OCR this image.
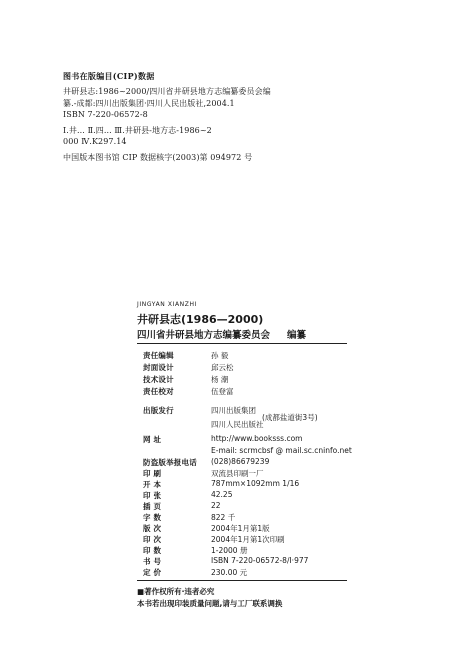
图书在版编目(CIP)数据
井研县志:1986~2000/四川省井研县地方志编纂委员会编
纂.-成都:四川出版集团·四川人民出版社,2004.1
ISBN 7-220-06572-8
Ⅰ.井... Ⅱ.四... Ⅲ.井研县-地方志-1986~2
000 Ⅳ.K297.14
中国版本图书馆 CIP 数据核字(2003)第 094972 号
JINGYAN XIANZHI
井研县志(1986—2000)
四川省井研县地方志编纂委员会 编纂
责任编辑	孙 毅
封面设计	邱云松
技术设计	杨 潮
责任校对	伍登富
出版发行	四川出版集团
(成都盐道街3号)
四川人民出版社
网 址	http://www.booksss.com
E-mail: scrmcbsf @ mail.sc.cninfo.net
防盗版举报电话 (028)86679239
印 刷	双流县印刷一厂
开 本	787mm×1092mm 1/16
印 张	42.25
插 页	22
字 数	822 千
版 次	2004年1月第1版
印 次	2004年1月第1次印刷
印 数	1-2000 册
书 号	ISBN 7-220-06572-8/Ⅰ·977
定 价	230.00 元
■著作权所有·违者必究
本书若出现印装质量问题,请与工厂联系调换
